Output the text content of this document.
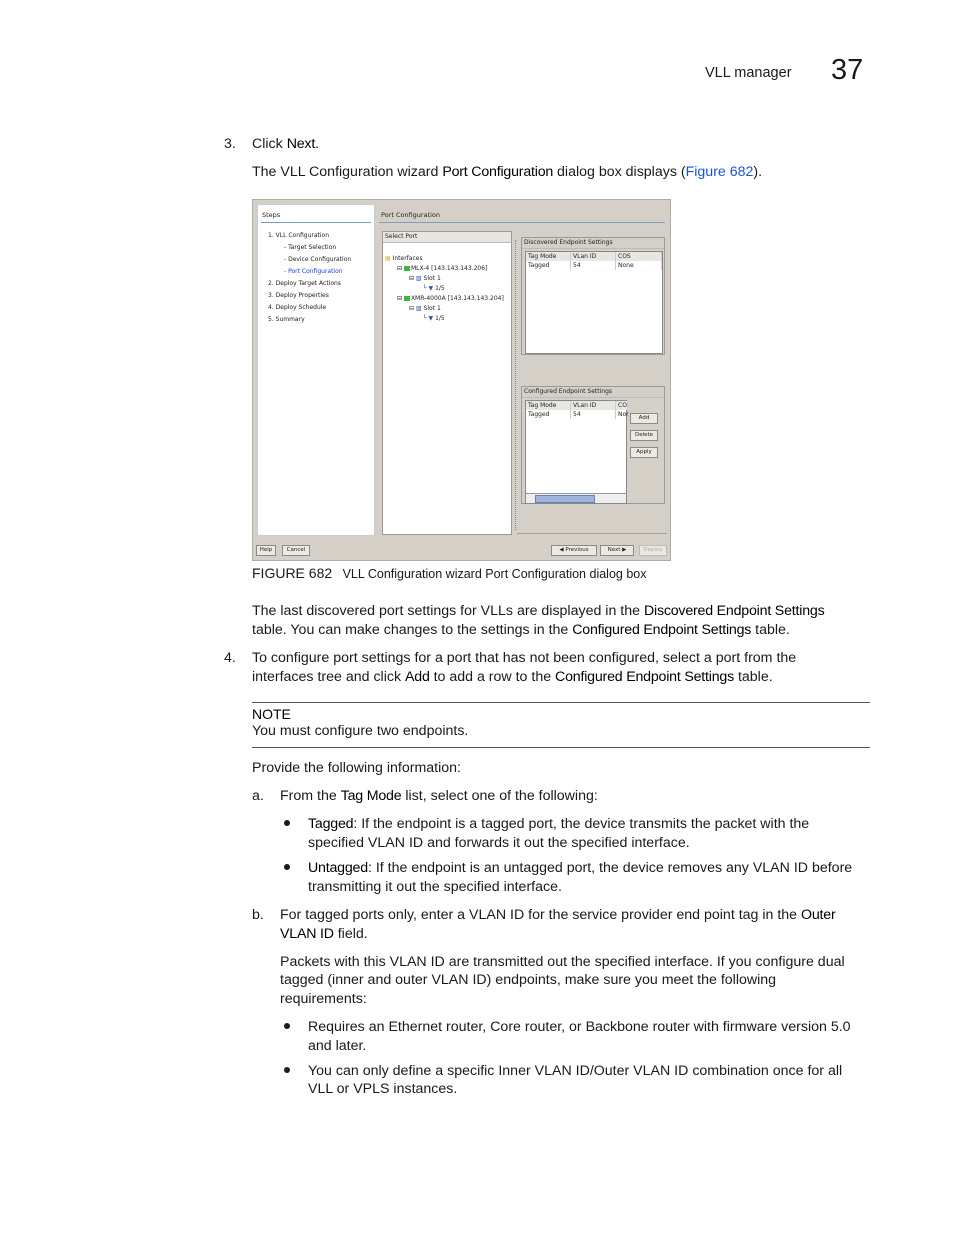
VLL manager 37
3. Click Next.
The VLL Configuration wizard Port Configuration dialog box displays (Figure 682).
Steps
1. VLL Configuration
- Target Selection
- Device Configuration
- Port Configuration
2. Deploy Target Actions
3. Deploy Properties
4. Deploy Schedule
5. Summary
Port Configuration
Select Port
▤ Interfaces
⊟ MLX-4 [143.143.143.206]
⊟ ▧ Slot 1
└ ▼ 1/5
⊟ XMR-4000A [143.143.143.204]
⊟ ▧ Slot 1
└ ▼ 1/5
Discovered Endpoint Settings
Tag Mode	VLan ID	COS
Tagged	54	None
Configured Endpoint Settings
Tag Mode	VLan ID	CO
Tagged	54	Nor	Add
Delete
Apply
Help	Cancel	◀ Previous	Next ▶	Deploy
FIGURE 682 VLL Configuration wizard Port Configuration dialog box
The last discovered port settings for VLLs are displayed in the Discovered Endpoint Settings
table. You can make changes to the settings in the Configured Endpoint Settings table.
4. To configure port settings for a port that has not been configured, select a port from the
interfaces tree and click Add to add a row to the Configured Endpoint Settings table.
NOTE
You must configure two endpoints.
Provide the following information:
a. From the Tag Mode list, select one of the following:
Tagged: If the endpoint is a tagged port, the device transmits the packet with the
specified VLAN ID and forwards it out the specified interface.
Untagged: If the endpoint is an untagged port, the device removes any VLAN ID before
transmitting it out the specified interface.
b. For tagged ports only, enter a VLAN ID for the service provider end point tag in the Outer
VLAN ID field.
Packets with this VLAN ID are transmitted out the specified interface. If you configure dual
tagged (inner and outer VLAN ID) endpoints, make sure you meet the following
requirements:
Requires an Ethernet router, Core router, or Backbone router with firmware version 5.0
and later.
You can only define a specific Inner VLAN ID/Outer VLAN ID combination once for all
VLL or VPLS instances.
